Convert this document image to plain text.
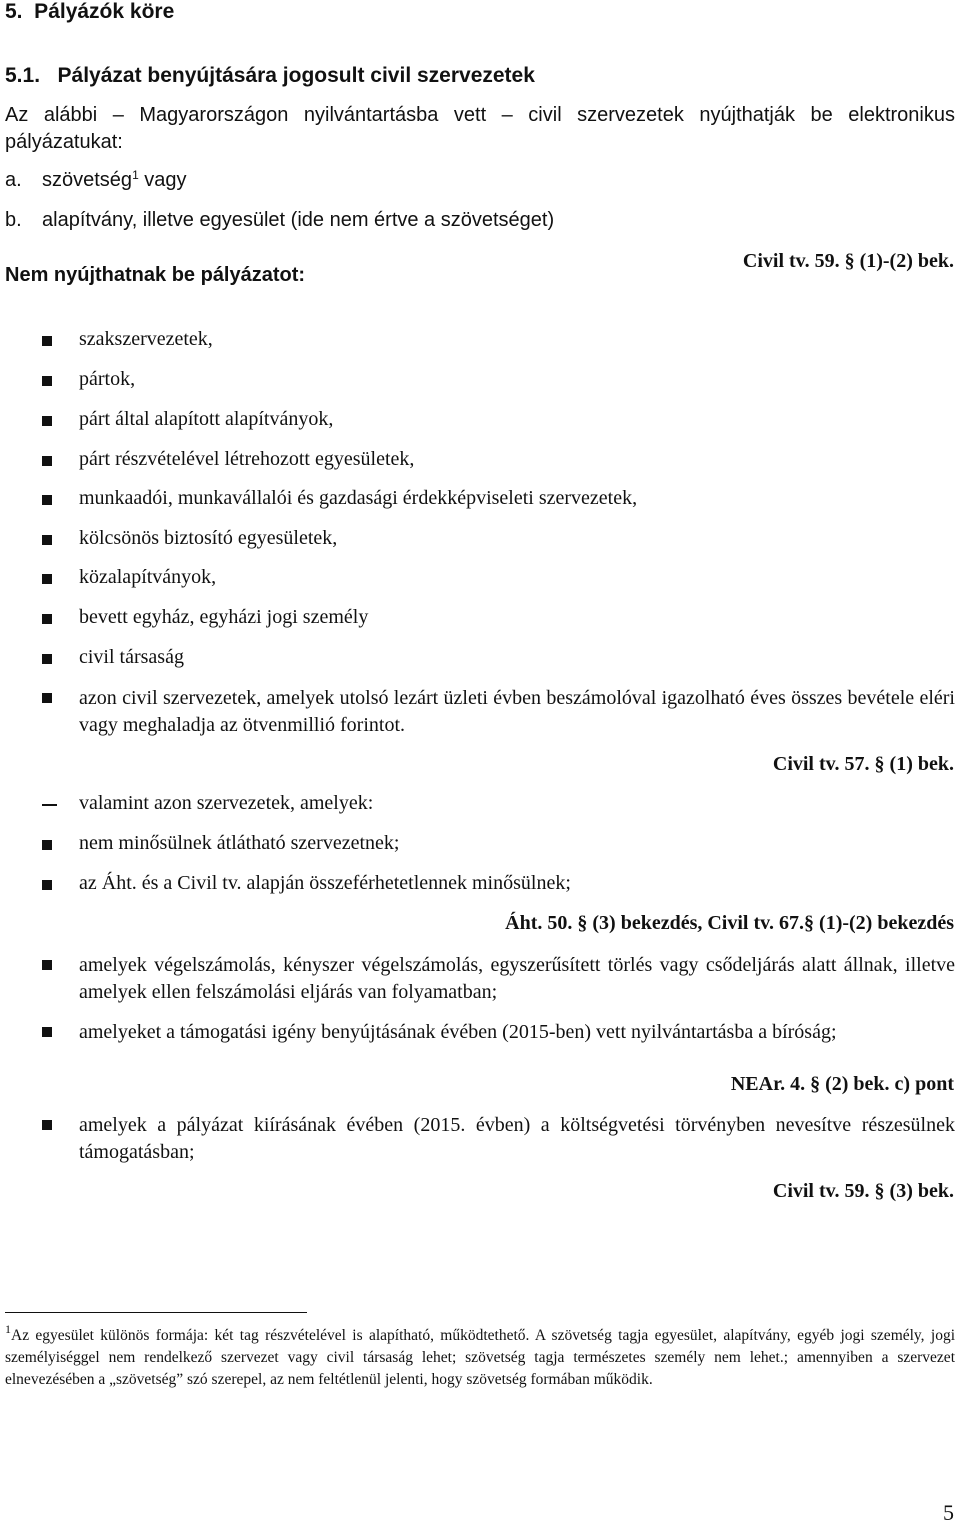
5.  Pályázók köre
5.1.   Pályázat benyújtására jogosult civil szervezetek
Az alábbi – Magyarországon nyilvántartásba vett – civil szervezetek nyújthatják be elektronikus pályázatukat:
a. szövetség$^1$ vagy
b. alapítvány, illetve egyesület (ide nem értve a szövetséget)
Civil tv. 59. § (1)-(2) bek.
Nem nyújthatnak be pályázatot:
szakszervezetek,
pártok,
párt által alapított alapítványok,
párt részvételével létrehozott egyesületek,
munkaadói, munkavállalói és gazdasági érdekképviseleti szervezetek,
kölcsönös biztosító egyesületek,
közalapítványok,
bevett egyház, egyházi jogi személy
civil társaság
azon civil szervezetek, amelyek utolsó lezárt üzleti évben beszámolóval igazolható éves összes bevétele eléri vagy meghaladja az ötvenmillió forintot.
Civil tv. 57. § (1) bek.
valamint azon szervezetek, amelyek:
nem minősülnek átlátható szervezetnek;
az Áht. és a Civil tv. alapján összeférhetetlennek minősülnek;
Áht. 50. § (3) bekezdés, Civil tv. 67.§ (1)-(2) bekezdés
amelyek végelszámolás, kényszer végelszámolás, egyszerűsített törlés vagy csődeljárás alatt állnak, illetve amelyek ellen felszámolási eljárás van folyamatban;
amelyeket a támogatási igény benyújtásának évében (2015-ben) vett nyilvántartásba a bíróság;
NEAr. 4. § (2) bek. c) pont
amelyek a pályázat kiírásának évében (2015. évben) a költségvetési törvényben nevesítve részesülnek támogatásban;
Civil tv. 59. § (3) bek.
$^1$Az egyesület különös formája: két tag részvételével is alapítható, működtethető. A szövetség tagja egyesület, alapítvány, egyéb jogi személy, jogi személyiséggel nem rendelkező szervezet vagy civil társaság lehet; szövetség tagja természetes személy nem lehet.; amennyiben a szervezet elnevezésében a „szövetség” szó szerepel, az nem feltétlenül jelenti, hogy szövetség formában működik.
5
